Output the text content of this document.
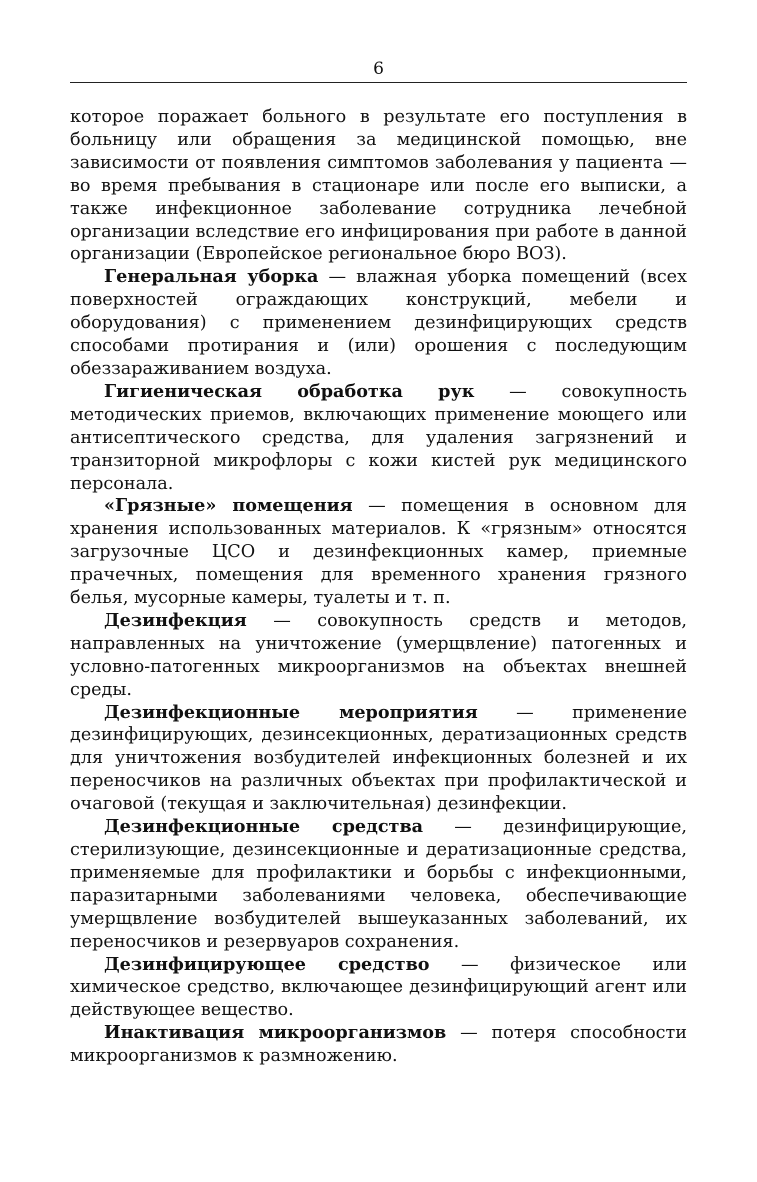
6

которое поражает больного в результате его поступления в больницу или обращения за медицинской помощью, вне зависимости от появления симптомов заболевания у пациента — во время пребывания в стационаре или после его выписки, а также инфекционное заболевание сотрудника лечебной организации вследствие его инфицирования при работе в данной организации (Европейское региональное бюро ВОЗ).

Генеральная уборка — влажная уборка помещений (всех поверхностей ограждающих конструкций, мебели и оборудования) с применением дезинфицирующих средств способами протирания и (или) орошения с последующим обеззараживанием воздуха.

Гигиеническая обработка рук — совокупность методических приемов, включающих применение моющего или антисептического средства, для удаления загрязнений и транзиторной микрофлоры с кожи кистей рук медицинского персонала.

«Грязные» помещения — помещения в основном для хранения использованных материалов. К «грязным» относятся загрузочные ЦСО и дезинфекционных камер, приемные прачечных, помещения для временного хранения грязного белья, мусорные камеры, туалеты и т. п.

Дезинфекция — совокупность средств и методов, направленных на уничтожение (умерщвление) патогенных и условно-патогенных микроорганизмов на объектах внешней среды.

Дезинфекционные мероприятия — применение дезинфицирующих, дезинсекционных, дератизационных средств для уничтожения возбудителей инфекционных болезней и их переносчиков на различных объектах при профилактической и очаговой (текущая и заключительная) дезинфекции.

Дезинфекционные средства — дезинфицирующие, стерилизующие, дезинсекционные и дератизационные средства, применяемые для профилактики и борьбы с инфекционными, паразитарными заболеваниями человека, обеспечивающие умерщвление возбудителей вышеуказанных заболеваний, их переносчиков и резервуаров сохранения.

Дезинфицирующее средство — физическое или химическое средство, включающее дезинфицирующий агент или действующее вещество.

Инактивация микроорганизмов — потеря способности микроорганизмов к размножению.
